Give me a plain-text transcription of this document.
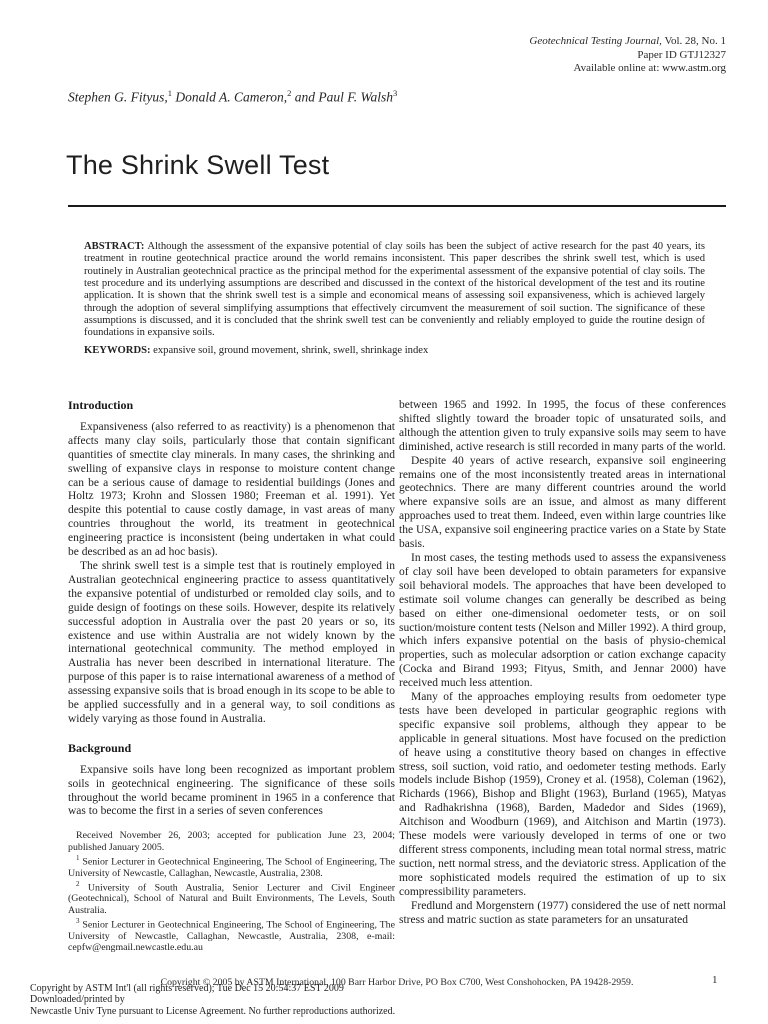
Geotechnical Testing Journal, Vol. 28, No. 1
Paper ID GTJ12327
Available online at: www.astm.org
Stephen G. Fityus,$^1$ Donald A. Cameron,$^2$ and Paul F. Walsh$^3$
The Shrink Swell Test
ABSTRACT: Although the assessment of the expansive potential of clay soils has been the subject of active research for the past 40 years, its treatment in routine geotechnical practice around the world remains inconsistent. This paper describes the shrink swell test, which is used routinely in Australian geotechnical practice as the principal method for the experimental assessment of the expansive potential of clay soils. The test procedure and its underlying assumptions are described and discussed in the context of the historical development of the test and its routine application. It is shown that the shrink swell test is a simple and economical means of assessing soil expansiveness, which is achieved largely through the adoption of several simplifying assumptions that effectively circumvent the measurement of soil suction. The significance of these assumptions is discussed, and it is concluded that the shrink swell test can be conveniently and reliably employed to guide the routine design of foundations in expansive soils.
KEYWORDS: expansive soil, ground movement, shrink, swell, shrinkage index
Introduction

Expansiveness (also referred to as reactivity) is a phenomenon that affects many clay soils, particularly those that contain significant quantities of smectite clay minerals. In many cases, the shrinking and swelling of expansive clays in response to moisture content change can be a serious cause of damage to residential buildings (Jones and Holtz 1973; Krohn and Slossen 1980; Freeman et al. 1991). Yet despite this potential to cause costly damage, in vast areas of many countries throughout the world, its treatment in geotechnical engineering practice is inconsistent (being undertaken in what could be described as an ad hoc basis).

The shrink swell test is a simple test that is routinely employed in Australian geotechnical engineering practice to assess quantitatively the expansive potential of undisturbed or remolded clay soils, and to guide design of footings on these soils. However, despite its relatively successful adoption in Australia over the past 20 years or so, its existence and use within Australia are not widely known by the international geotechnical community. The method employed in Australia has never been described in international literature. The purpose of this paper is to raise international awareness of a method of assessing expansive soils that is broad enough in its scope to be able to be applied successfully and in a general way, to soil conditions as widely varying as those found in Australia.

Background

Expansive soils have long been recognized as important problem soils in geotechnical engineering. The significance of these soils throughout the world became prominent in 1965 in a conference that was to become the first in a series of seven conferences

Received November 26, 2003; accepted for publication June 23, 2004; published January 2005.

$^1$ Senior Lecturer in Geotechnical Engineering, The School of Engineering, The University of Newcastle, Callaghan, Newcastle, Australia, 2308.

$^2$ University of South Australia, Senior Lecturer and Civil Engineer (Geotechnical), School of Natural and Built Environments, The Levels, South Australia.

$^3$ Senior Lecturer in Geotechnical Engineering, The School of Engineering, The University of Newcastle, Callaghan, Newcastle, Australia, 2308, e-mail: cepfw@engmail.newcastle.edu.au

between 1965 and 1992. In 1995, the focus of these conferences shifted slightly toward the broader topic of unsaturated soils, and although the attention given to truly expansive soils may seem to have diminished, active research is still recorded in many parts of the world.

Despite 40 years of active research, expansive soil engineering remains one of the most inconsistently treated areas in international geotechnics. There are many different countries around the world where expansive soils are an issue, and almost as many different approaches used to treat them. Indeed, even within large countries like the USA, expansive soil engineering practice varies on a State by State basis.

In most cases, the testing methods used to assess the expansiveness of clay soil have been developed to obtain parameters for expansive soil behavioral models. The approaches that have been developed to estimate soil volume changes can generally be described as being based on either one-dimensional oedometer tests, or on soil suction/moisture content tests (Nelson and Miller 1992). A third group, which infers expansive potential on the basis of physio-chemical properties, such as molecular adsorption or cation exchange capacity (Cocka and Birand 1993; Fityus, Smith, and Jennar 2000) have received much less attention.

Many of the approaches employing results from oedometer type tests have been developed in particular geographic regions with specific expansive soil problems, although they appear to be applicable in general situations. Most have focused on the prediction of heave using a constitutive theory based on changes in effective stress, soil suction, void ratio, and oedometer testing methods. Early models include Bishop (1959), Croney et al. (1958), Coleman (1962), Richards (1966), Bishop and Blight (1963), Burland (1965), Matyas and Radhakrishna (1968), Barden, Madedor and Sides (1969), Aitchison and Woodburn (1969), and Aitchison and Martin (1973). These models were variously developed in terms of one or two different stress components, including mean total normal stress, matric suction, nett normal stress, and the deviatoric stress. Application of the more sophisticated models required the estimation of up to six compressibility parameters.

Fredlund and Morgenstern (1977) considered the use of nett normal stress and matric suction as state parameters for an unsaturated

Copyright © 2005 by ASTM International, 100 Barr Harbor Drive, PO Box C700, West Conshohocken, PA 19428-2959.	1
Copyright by ASTM Int'l (all rights reserved); Tue Dec 15 20:54:37 EST 2009
Downloaded/printed by
Newcastle Univ Tyne pursuant to License Agreement. No further reproductions authorized.
